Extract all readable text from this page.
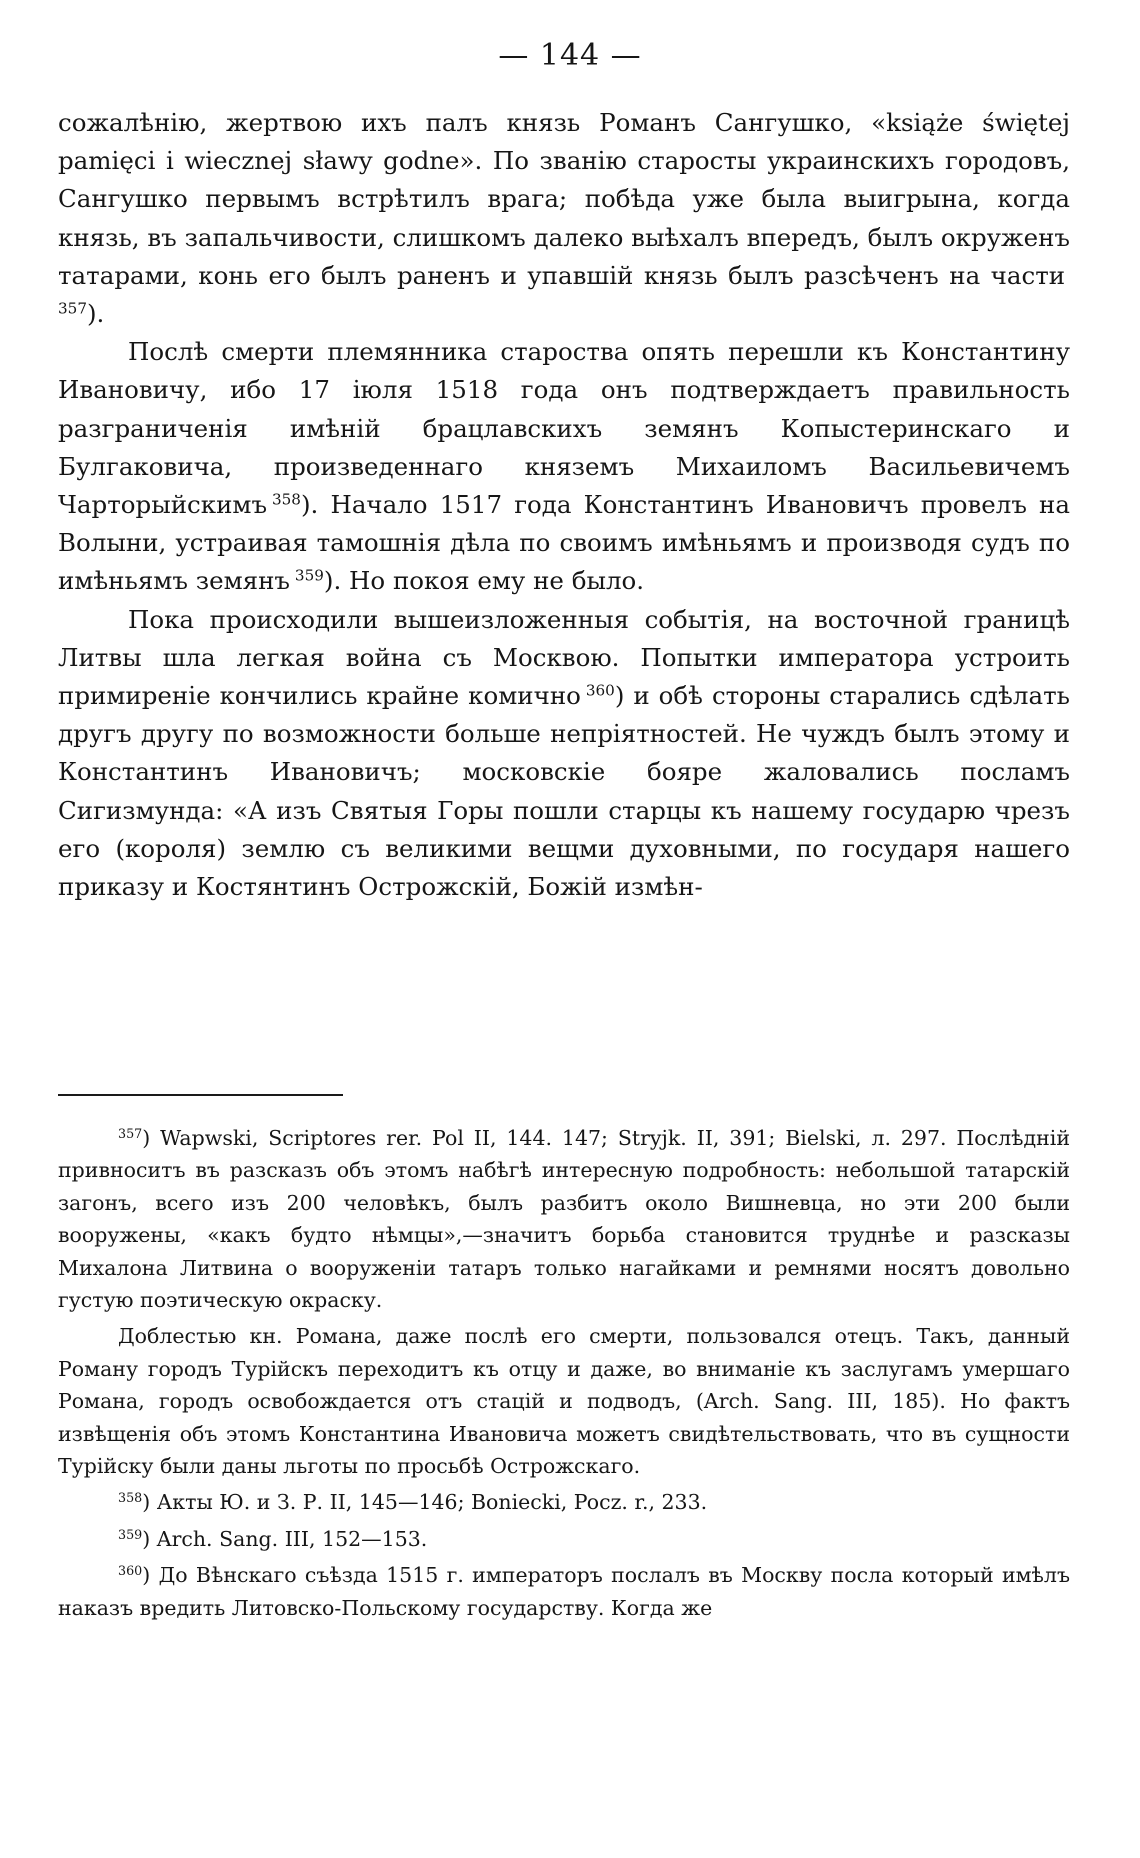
— 144 —

сожалѣнію, жертвою ихъ палъ князь Романъ Сангушко, «książe świętej pamięci i wiecznej sławy godne». По званію старосты украинскихъ городовъ, Сангушко первымъ встрѣтилъ врага; побѣда уже была выигрына, когда князь, въ запальчивости, слишкомъ далеко выѣхалъ впередъ, былъ окруженъ татарами, конь его былъ раненъ и упавшій князь былъ разсѣченъ на части $^{357}$).

Послѣ смерти племянника староства опять перешли къ Константину Ивановичу, ибо 17 іюля 1518 года онъ подтверждаетъ правильность разграниченія имѣній брацлавскихъ земянъ Копыстеринскаго и Булгаковича, произведеннаго княземъ Михаиломъ Васильевичемъ Чарторыйскимъ  $^{358}$). Начало 1517 года Константинъ Ивановичъ провелъ на Волыни, устраивая тамошнія дѣла по своимъ имѣньямъ и производя судъ по имѣньямъ земянъ  $^{359}$). Но покоя ему не было.

Пока происходили вышеизложенныя событія, на восточной границѣ Литвы шла легкая война съ Москвою. Попытки императора устроить примиреніе кончились крайне комично  $^{360}$) и обѣ стороны старались сдѣлать другъ другу по возможности больше непріятностей. Не чуждъ былъ этому и Константинъ Ивановичъ; московскіе бояре жаловались посламъ Сигизмунда: «А изъ Святыя Горы пошли старцы къ нашему государю чрезъ его (короля) землю съ великими вещми духовными, по государя нашего приказу и Костянтинъ Острожскій, Божій измѣн-

$^{357}$) Wapwski, Scriptores rer. Pol II, 144. 147; Stryjk. II, 391; Bielski, л. 297. Послѣдній привноситъ въ разсказъ объ этомъ набѣгѣ интересную подробность: небольшой татарскій загонъ, всего изъ 200 человѣкъ, былъ разбитъ около Вишневца, но эти 200 были вооружены, «какъ будто нѣмцы»,—значитъ борьба становится труднѣе и разсказы Михалона Литвина о вооруженіи татаръ только нагайками и ремнями носятъ довольно густую поэтическую окраску.

Доблестью кн. Романа, даже послѣ его смерти, пользовался отецъ. Такъ, данный Роману городъ Турійскъ переходитъ къ отцу и даже, во вниманіе къ заслугамъ умершаго Романа, городъ освобождается отъ стацій и подводъ, (Arch. Sang. III, 185). Но фактъ извѣщенія объ этомъ Константина Ивановича можетъ свидѣтельствовать, что въ сущности Турійску были даны льготы по просьбѣ Острожскаго.

$^{358}$) Акты Ю. и З. Р. II, 145—146; Boniecki, Pocz. r., 233.

$^{359}$) Arch. Sang. III, 152—153.

$^{360}$) До Вѣнскаго съѣзда 1515 г. императоръ послалъ въ Москву посла который имѣлъ наказъ вредить Литовско-Польскому государству. Когда же
